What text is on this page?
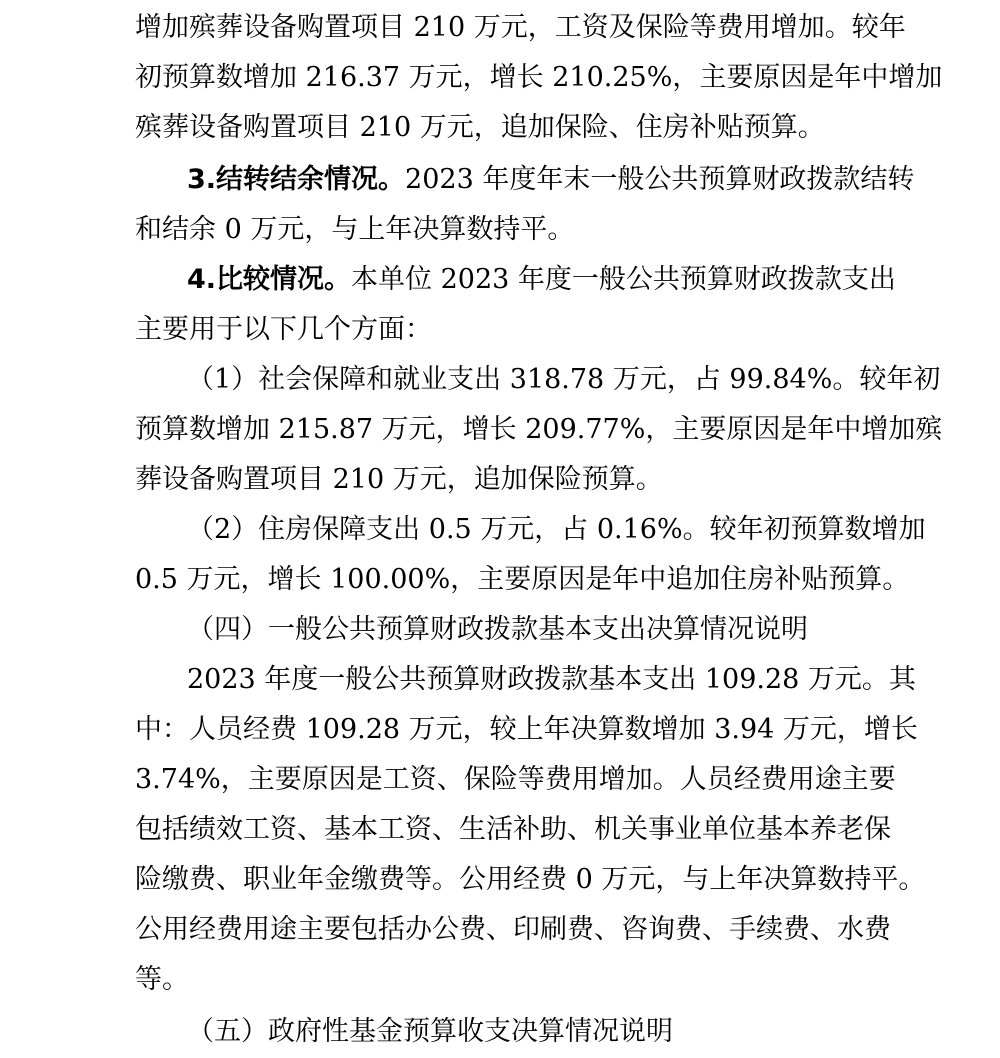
增加殡葬设备购置项目 210 万元，工资及保险等费用增加。较年

初预算数增加 216.37 万元，增长 210.25%，主要原因是年中增加

殡葬设备购置项目 210 万元，追加保险、住房补贴预算。

3.结转结余情况。2023 年度年末一般公共预算财政拨款结转

和结余 0 万元，与上年决算数持平。

4.比较情况。本单位 2023 年度一般公共预算财政拨款支出

主要用于以下几个方面：

（1）社会保障和就业支出 318.78 万元，占 99.84%。较年初

预算数增加 215.87 万元，增长 209.77%，主要原因是年中增加殡

葬设备购置项目 210 万元，追加保险预算。

（2）住房保障支出 0.5 万元，占 0.16%。较年初预算数增加

0.5 万元，增长 100.00%，主要原因是年中追加住房补贴预算。

（四）一般公共预算财政拨款基本支出决算情况说明

2023 年度一般公共预算财政拨款基本支出 109.28 万元。其

中：人员经费 109.28 万元，较上年决算数增加 3.94 万元，增长

3.74%，主要原因是工资、保险等费用增加。人员经费用途主要

包括绩效工资、基本工资、生活补助、机关事业单位基本养老保

险缴费、职业年金缴费等。公用经费 0 万元，与上年决算数持平。

公用经费用途主要包括办公费、印刷费、咨询费、手续费、水费

等。

（五）政府性基金预算收支决算情况说明
